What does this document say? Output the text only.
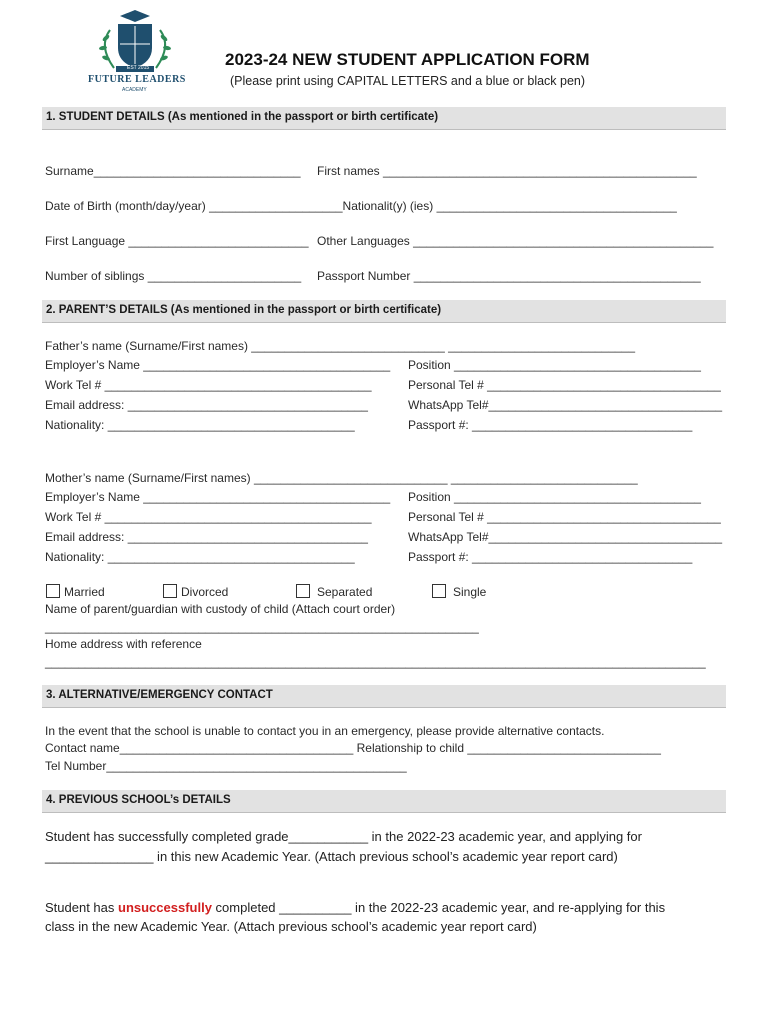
EST 2015
FUTURE LEADERS
ACADEMY
2023-24 NEW STUDENT APPLICATION FORM
(Please print using CAPITAL LETTERS and a blue or black pen)
1. STUDENT DETAILS (As mentioned in the passport or birth certificate)
Surname_______________________________ First names _______________________________________________
Date of Birth (month/day/year) ____________________Nationalit(y) (ies) ____________________________________
First Language ___________________________ Other Languages _____________________________________________
Number of siblings _______________________ Passport Number ___________________________________________
2. PARENT’S DETAILS (As mentioned in the passport or birth certificate)
Father’s name (Surname/First names) _____________________________ ____________________________
Employer’s Name _____________________________________ Position _____________________________________
Work Tel # ________________________________________	Personal Tel # ___________________________________
Email address: ____________________________________	WhatsApp Tel#___________________________________
Nationality: _____________________________________	Passport #: _________________________________
Mother’s name (Surname/First names) _____________________________ ____________________________
Employer’s Name _____________________________________ Position _____________________________________
Work Tel # ________________________________________	Personal Tel # ___________________________________
Email address: ____________________________________	WhatsApp Tel#___________________________________
Nationality: _____________________________________	Passport #: _________________________________
Married	Divorced	Separated	Single
Name of parent/guardian with custody of child (Attach court order)
_________________________________________________________________
Home address with reference
___________________________________________________________________________________________________
3. ALTERNATIVE/EMERGENCY CONTACT
In the event that the school is unable to contact you in an emergency, please provide alternative contacts.
Contact name___________________________________ Relationship to child _____________________________
Tel Number_____________________________________________
4. PREVIOUS SCHOOL’s DETAILS
Student has successfully completed grade___________ in the 2022-23 academic year, and applying for
_______________ in this new Academic Year. (Attach previous school’s academic year report card)
Student has unsuccessfully completed __________ in the 2022-23 academic year, and re-applying for this
class in the new Academic Year. (Attach previous school’s academic year report card)
